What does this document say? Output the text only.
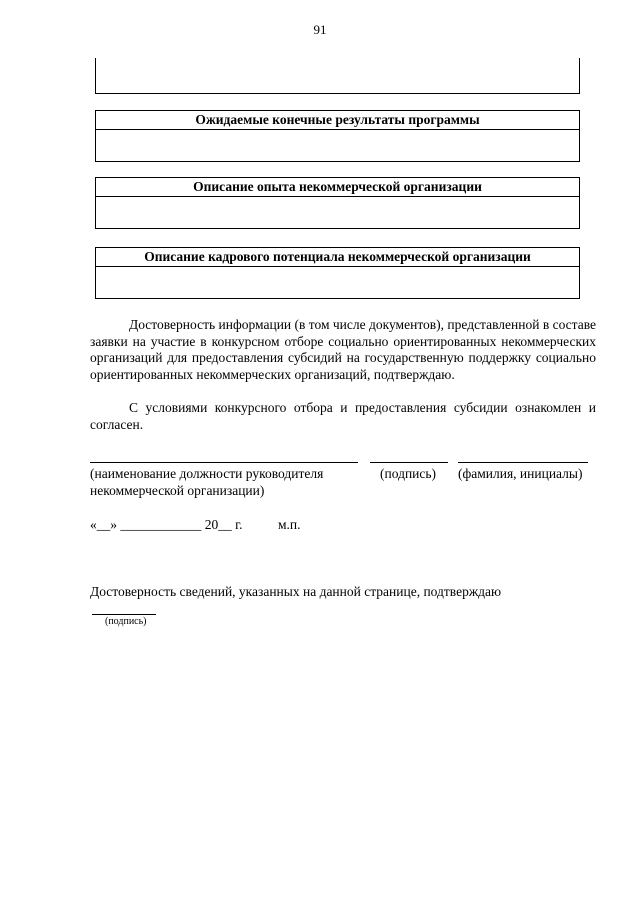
91
Ожидаемые конечные результаты программы
Описание опыта некоммерческой организации
Описание кадрового потенциала некоммерческой организации
Достоверность информации (в том числе документов), представленной в составе заявки на участие в конкурсном отборе социально ориентированных некоммерческих организаций для предоставления субсидий на государственную поддержку социально ориентированных некоммерческих организаций, подтверждаю.
С условиями конкурсного отбора и предоставления субсидии ознакомлен и согласен.
(наименование должности руководителя некоммерческой организации)
(подпись) (фамилия, инициалы)
«__» ____________ 20__ г.	м.п.
Достоверность сведений, указанных на данной странице, подтверждаю
(подпись)
